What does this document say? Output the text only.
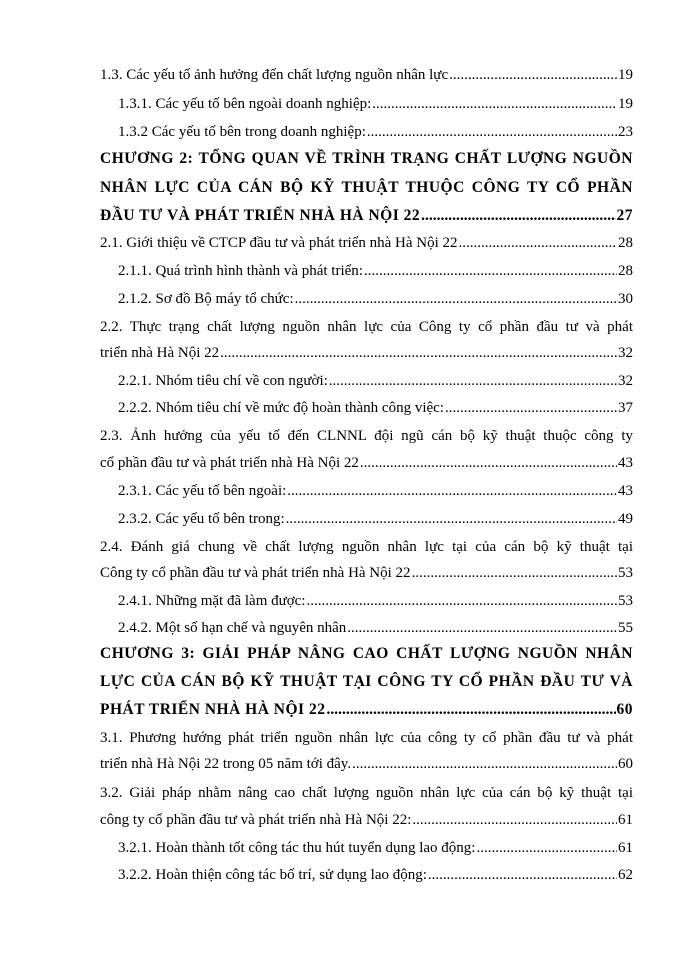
1.3. Các yếu tố ảnh hưởng đến chất lượng nguồn nhân lực .....	19
1.3.1. Các yếu tố bên ngoài doanh nghiệp: .....	19
1.3.2 Các yếu tố bên trong doanh nghiệp: .....	23
CHƯƠNG 2: TỔNG QUAN VỀ TRÌNH TRẠNG CHẤT LƯỢNG NGUỒN
NHÂN LỰC CỦA CÁN BỘ KỸ THUẬT THUỘC CÔNG TY CỔ PHẦN
ĐẦU TƯ VÀ PHÁT TRIỂN NHÀ HÀ NỘI 22 .....	27
2.1. Giới thiệu về CTCP đầu tư và phát triển nhà Hà Nội 22 .....	28
2.1.1. Quá trình hình thành và phát triển: .....	28
2.1.2. Sơ đồ Bộ máy tổ chức: .....	30
2.2. Thực trạng chất lượng nguồn nhân lực của Công ty cổ phần đầu tư và phát
triển nhà Hà Nội 22 .....	32
2.2.1. Nhóm tiêu chí về con người: .....	32
2.2.2. Nhóm tiêu chí về mức độ hoàn thành công việc: .....	37
2.3. Ảnh hưởng của yếu tố đến CLNNL đội ngũ cán bộ kỹ thuật thuộc công ty
cổ phần đầu tư và phát triển nhà Hà Nội 22 .....	43
2.3.1. Các yếu tố bên ngoài: .....	43
2.3.2. Các yếu tố bên trong: .....	49
2.4. Đánh giá chung về chất lượng nguồn nhân lực tại của cán bộ kỹ thuật tại
Công ty cổ phần đầu tư và phát triển nhà Hà Nội 22 .....	53
2.4.1. Những mặt đã làm được: .....	53
2.4.2. Một số hạn chế và nguyên nhân .....	55
CHƯƠNG 3: GIẢI PHÁP NÂNG CAO CHẤT LƯỢNG NGUỒN NHÂN
LỰC CỦA CÁN BỘ KỸ THUẬT TẠI CÔNG TY CỔ PHẦN ĐẦU TƯ VÀ
PHÁT TRIỂN NHÀ HÀ NỘI 22 .....	60
3.1. Phương hướng phát triển nguồn nhân lực của công ty cổ phần đầu tư và phát
triển nhà Hà Nội 22 trong 05 năm tới đây. .....	60
3.2. Giải pháp nhằm nâng cao chất lượng nguồn nhân lực của cán bộ kỹ thuật tại
công ty cổ phần đầu tư và phát triển nhà Hà Nội 22: .....	61
3.2.1. Hoàn thành tốt công tác thu hút tuyển dụng lao động: .....	61
3.2.2. Hoàn thiện công tác bố trí, sử dụng lao động: .....	62
